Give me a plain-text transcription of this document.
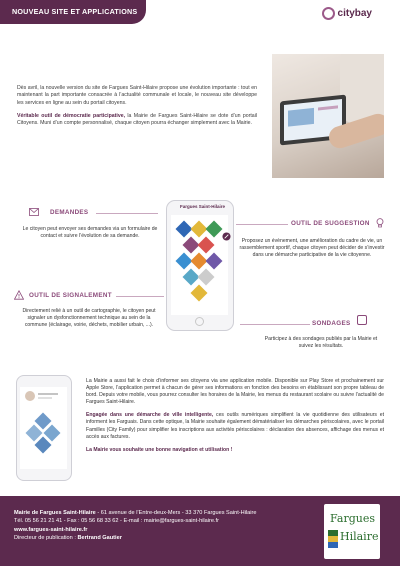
NOUVEAU SITE ET APPLICATIONS	citybay

Dès avril, la nouvelle version du site de Fargues Saint-Hilaire propose une évolution importante : tout en maintenant la part importante consacrée à l’actualité communale et locale, le nouveau site développe les services en ligne au sein du portail citoyens.

Véritable outil de démocratie participative, la Mairie de Fargues Saint-Hilaire se dote d’un portail Citoyens. Muni d’un compte personnalisé, chaque citoyen pourra échanger simplement avec la Mairie.

DEMANDES
Le citoyen peut envoyer ses demandes via un formulaire de contact et suivre l’évolution de sa demande.
OUTIL DE SIGNALEMENT
Directement relié à un outil de cartographie, le citoyen peut signaler un dysfonctionnement technique au sein de la commune (éclairage, voirie, déchets, mobilier urbain, ...).
Fargues Saint-Hilaire
OUTIL DE SUGGESTION
Proposez un évènement, une amélioration du cadre de vie, un rassemblement sportif, chaque citoyen peut décider de s’investir dans une démarche participative de la vie citoyenne.
SONDAGES
Participez à des sondages publiés par la Mairie et suivez les résultats.

La Mairie a aussi fait le choix d’informer ses citoyens via une application mobile. Disponible sur Play Store et prochainement sur Apple Store, l’application permet à chacun de gérer ses informations en fonction des besoins en établissant son propre tableau de bord. Depuis votre mobile, vous pourrez consulter les horaires de la Mairie, les menus du restaurant scolaire ou suivre l’actualité de Fargues Saint-Hilaire.

Engagée dans une démarche de ville intelligente, ces outils numériques simplifient la vie quotidienne des utilisateurs et informent les Farguais. Dans cette optique, la Mairie souhaite également dématérialiser les démarches périscolaires, avec le portail Familles (City Family) pour simplifier les inscriptions aux activités périscolaires : déclaration des absences, affichage des menus et accès aux factures.

La Mairie vous souhaite une bonne navigation et utilisation !

Mairie de Fargues Saint-Hilaire - 61 avenue de l’Entre-deux-Mers - 33 370 Fargues Saint-Hilaire
Tél. 05 56 21 21 41 - Fax : 05 56 68 33 62 - E-mail : mairie@fargues-saint-hilaire.fr
www.fargues-saint-hilaire.fr
Directeur de publication : Bertrand Gautier
Fargues
Hilaire
